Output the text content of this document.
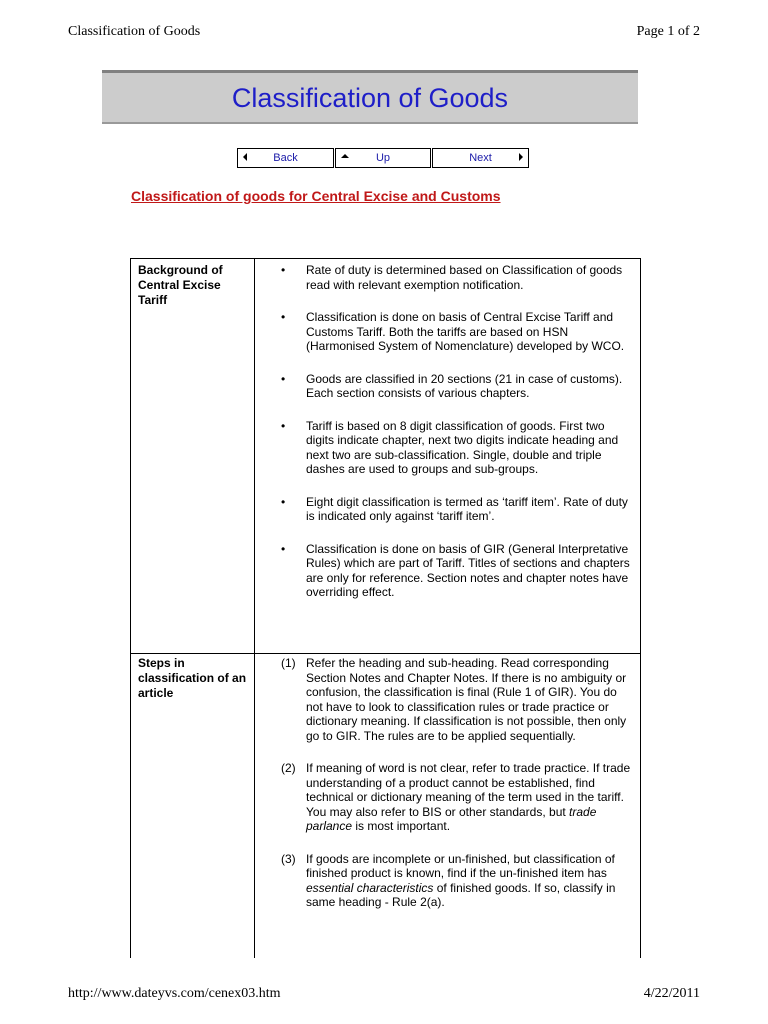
Classification of Goods	Page 1 of 2
Classification of Goods
Back	Up	Next
Classification of goods for Central Excise and Customs
Background of Central Excise Tariff
• Rate of duty is determined based on Classification of goods read with relevant exemption notification.
• Classification is done on basis of Central Excise Tariff and Customs Tariff. Both the tariffs are based on HSN (Harmonised System of Nomenclature) developed by WCO.
• Goods are classified in 20 sections (21 in case of customs). Each section consists of various chapters.
• Tariff is based on 8 digit classification of goods. First two digits indicate chapter, next two digits indicate heading and next two are sub-classification. Single, double and triple dashes are used to groups and sub-groups.
• Eight digit classification is termed as ‘tariff item’. Rate of duty is indicated only against ‘tariff item’.
• Classification is done on basis of GIR (General Interpretative Rules) which are part of Tariff. Titles of sections and chapters are only for reference. Section notes and chapter notes have overriding effect.
Steps in classification of an article
(1) Refer the heading and sub-heading. Read corresponding Section Notes and Chapter Notes. If there is no ambiguity or confusion, the classification is final (Rule 1 of GIR). You do not have to look to classification rules or trade practice or dictionary meaning. If classification is not possible, then only go to GIR. The rules are to be applied sequentially.
(2) If meaning of word is not clear, refer to trade practice. If trade understanding of a product cannot be established, find technical or dictionary meaning of the term used in the tariff. You may also refer to BIS or other standards, but trade parlance is most important.
(3) If goods are incomplete or un-finished, but classification of finished product is known, find if the un-finished item has essential characteristics of finished goods. If so, classify in same heading - Rule 2(a).
http://www.dateyvs.com/cenex03.htm	4/22/2011
